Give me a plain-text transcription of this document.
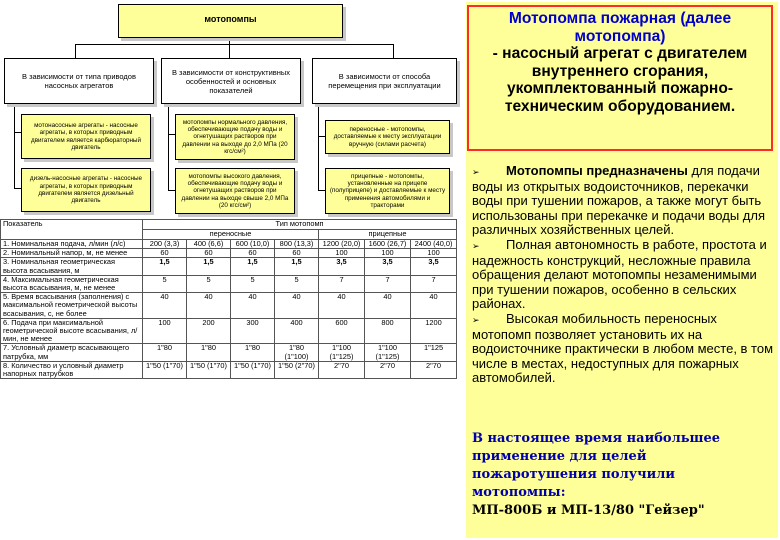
мотопомпы
В зависимости от типа приводов насосных агрегатов
В зависимости от конструктивных особенностей и основных показателей
В зависимости от способа перемещения при эксплуатации
мотонасосные агрегаты - насосные агрегаты, в которых приводным двигателем является карбюраторный двигатель
дизель-насосные агрегаты - насосные агрегаты, в которых приводным двигателем является дизельный двигатель
мотопомпы нормального давления, обеспечивающие подачу воды и огнетушащих растворов при давлении на выходе до 2,0 МПа (20 кгс/см²)
мотопомпы высокого давления, обеспечивающие подачу воды и огнетушащих растворов при давлении на выходе свыше 2,0 МПа (20 кгс/см²)
переносные - мотопомпы, доставляемые к месту эксплуатации вручную (силами расчета)
прицепные - мотопомпы, установленные на прицепе (полуприцепе) и доставляемые к месту применения автомобилями и тракторами
Показатель	Тип мотопомп						
	переносные				прицепные		
1. Номинальная подача, л/мин (л/с)	200 (3,3)	400 (6,6)	600 (10,0)	800 (13,3)	1200 (20,0)	1600 (26,7)	2400 (40,0)
2. Номинальный напор, м, не менее	60	60	60	60	100	100	100
3. Номинальная геометрическая высота всасывания, м	1,5	1,5	1,5	1,5	3,5	3,5	3,5
4. Максимальная геометрическая высота всасывания, м, не менее	5	5	5	5	7	7	7
5. Время всасывания (заполнения) с максимальной геометрической высоты всасывания, с, не более	40	40	40	40	40	40	40
6. Подача при максимальной геометрической высоте всасывания, л/мин, не менее	100	200	300	400	600	800	1200
7. Условный диаметр всасывающего патрубка, мм	1"80	1"80	1"80	1"80 (1"100)	1"100 (1"125)	1"100 (1"125)	1"125
8. Количество и условный диаметр напорных патрубков	1"50 (1"70)	1"50 (1"70)	1"50 (1"70)	1"50 (2"70)	2"70	2"70	2"70
Мотопомпа пожарная (далее мотопомпа)
- насосный агрегат с двигателем внутреннего сгорания, укомплектованный пожарно-техническим оборудованием.

➢ Мотопомпы предназначены для подачи воды из открытых водоисточников, перекачки воды при тушении пожаров, а также могут быть использованы при перекачке и подачи воды для различных хозяйственных целей.

➢ Полная автономность в работе, простота и надежность конструкций, несложные правила обращения делают мотопомпы незаменимыми при тушении пожаров, особенно в сельских районах.

➢ Высокая мобильность переносных мотопомп позволяет установить их на водоисточнике практически в любом месте, в том числе в местах, недоступных для пожарных автомобилей.

В настоящее время наибольшее применение для целей пожаротушения получили мотопомпы:
МП-800Б и МП-13/80 "Гейзер"
